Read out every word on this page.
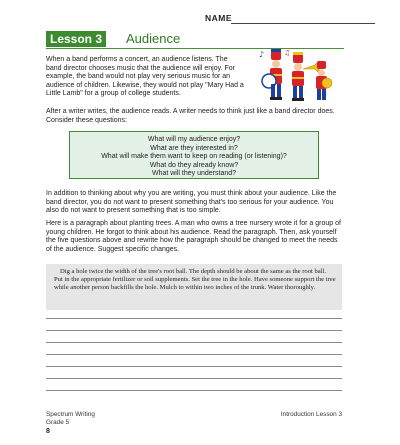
NAME
Lesson 3	Audience
When a band performs a concert, an audience listens. The band director chooses music that the audience will enjoy. For example, the band would not play very serious music for an audience of children. Likewise, they would not play "Mary Had a Little Lamb" for a group of college students.
♪	♫
After a writer writes, the audience reads. A writer needs to think just like a band director does. Consider these questions:
What will my audience enjoy?
What are they interested in?
What will make them want to keep on reading (or listening)?
What do they already know?
What will they understand?
In addition to thinking about why you are writing, you must think about your audience. Like the band director, you do not want to present something that's too serious for your audience. You also do not want to present something that is too simple.
Here is a paragraph about planting trees. A man who owns a tree nursery wrote it for a group of young children. He forgot to think about his audience. Read the paragraph. Then, ask yourself the five questions above and rewrite how the paragraph should be changed to meet the needs of the audience. Suggest specific changes.

Dig a hole twice the width of the tree's root ball. The depth should be about the same as the root ball. Put in the appropriate fertilizer or soil supplements. Set the tree in the hole. Have someone support the tree while another person backfills the hole. Mulch to within two inches of the trunk. Water thoroughly.

Spectrum Writing
Grade 5
Introduction Lesson 3
8
